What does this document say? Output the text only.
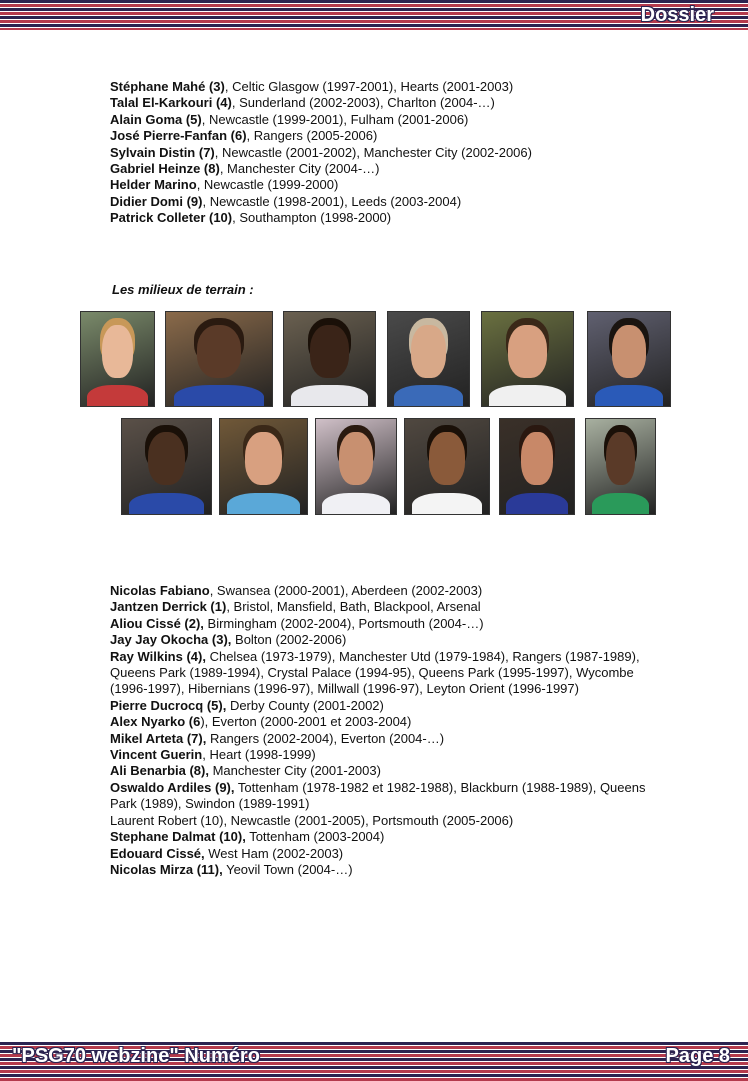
Dossier
Stéphane Mahé (3), Celtic Glasgow (1997-2001), Hearts (2001-2003)
Talal El-Karkouri (4), Sunderland (2002-2003), Charlton (2004-…)
Alain Goma (5), Newcastle (1999-2001), Fulham (2001-2006)
José Pierre-Fanfan (6), Rangers (2005-2006)
Sylvain Distin (7), Newcastle (2001-2002), Manchester City (2002-2006)
Gabriel Heinze (8), Manchester City (2004-…)
Helder Marino, Newcastle (1999-2000)
Didier Domi (9), Newcastle (1998-2001), Leeds (2003-2004)
Patrick Colleter (10), Southampton (1998-2000)
Les milieux de terrain :
Nicolas Fabiano, Swansea (2000-2001), Aberdeen (2002-2003)
Jantzen Derrick (1), Bristol, Mansfield, Bath, Blackpool, Arsenal
Aliou Cissé (2), Birmingham (2002-2004), Portsmouth (2004-…)
Jay Jay Okocha (3), Bolton (2002-2006)
Ray Wilkins (4), Chelsea (1973-1979), Manchester Utd (1979-1984), Rangers (1987-1989), Queens Park (1989-1994), Crystal Palace (1994-95), Queens Park (1995-1997), Wycombe (1996-1997), Hibernians (1996-97), Millwall (1996-97), Leyton Orient (1996-1997)
Pierre Ducrocq (5), Derby County (2001-2002)
Alex Nyarko (6), Everton (2000-2001 et 2003-2004)
Mikel Arteta (7), Rangers (2002-2004), Everton (2004-…)
Vincent Guerin, Heart (1998-1999)
Ali Benarbia (8), Manchester City (2001-2003)
Oswaldo Ardiles (9), Tottenham (1978-1982 et 1982-1988), Blackburn (1988-1989), Queens Park (1989), Swindon (1989-1991)
Laurent Robert (10), Newcastle (2001-2005), Portsmouth (2005-2006)
Stephane Dalmat (10), Tottenham (2003-2004)
Edouard Cissé, West Ham (2002-2003)
Nicolas Mirza (11), Yeovil Town (2004-…)
"PSG70 webzine" Numéro	Page 8
